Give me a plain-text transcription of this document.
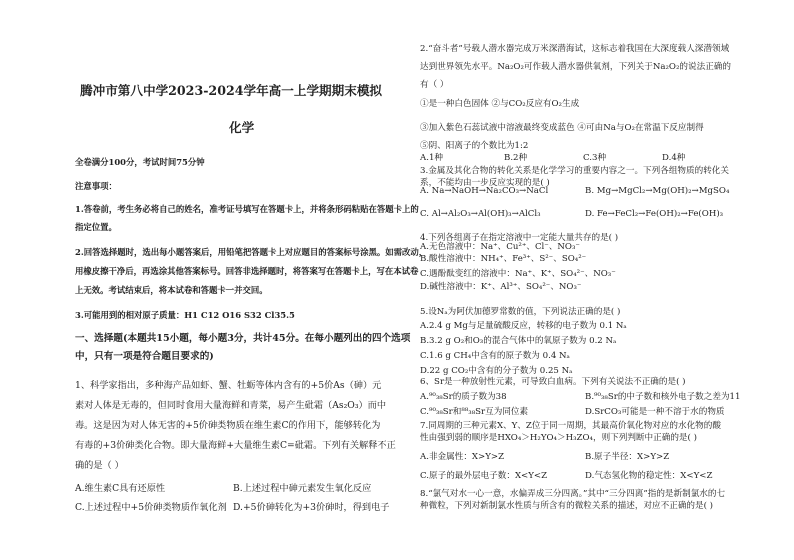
腾冲市第八中学2023-2024学年高一上学期期末模拟
化学
全卷满分100分，考试时间75分钟
注意事项：
1.答卷前，考生务必将自己的姓名，准考证号填写在答题卡上，并将条形码粘贴在答题卡上的
指定位置。
2.回答选择题时，选出每小题答案后，用铅笔把答题卡上对应题目的答案标号涂黑。如需改动，
用橡皮擦干净后，再选涂其他答案标号。回答非选择题时，将答案写在答题卡上，写在本试卷
上无效。考试结束后，将本试卷和答题卡一并交回。
3.可能用到的相对原子质量：H1 C12 O16 S32 Cl35.5
一、选择题(本题共15小题，每小题3分，共计45分。在每小题列出的四个选项
中，只有一项是符合题目要求的)
1、科学家指出，多种海产品如虾、蟹、牡蛎等体内含有的+5价As（砷）元
素对人体是无毒的，但同时食用大量海鲜和青菜，易产生砒霜（As₂O₃）而中
毒。这是因为对人体无害的+5价砷类物质在维生素C的作用下，能够转化为
有毒的+3价砷类化合物。即大量海鲜+大量维生素C=砒霜。下列有关解释不正
确的是（ ）
A.维生素C具有还原性	B.上述过程中砷元素发生氧化反应
C.上述过程中+5价砷类物质作氧化剂 D.+5价砷转化为+3价砷时，得到电子
2.“奋斗者”号载人潜水器完成万米深潜海试，这标志着我国在大深度载人深潜领域
达到世界领先水平。Na₂O₂可作载人潜水器供氧剂，下列关于Na₂O₂的说法正确的
有（ ）
①是一种白色固体 ②与CO₂反应有O₂生成
③加入紫色石蕊试液中溶液最终变成蓝色 ④可由Na与O₂在常温下反应制得
⑤阴、阳离子的个数比为1:2
A.1种	B.2种	C.3种	D.4种
3.金属及其化合物的转化关系是化学学习的重要内容之一。下列各组物质的转化关
系，不能均由一步反应实现的是( )
A. Na→NaOH→Na₂CO₃→NaCl	B. Mg→MgCl₂→Mg(OH)₂→MgSO₄
C. Al→Al₂O₃→Al(OH)₃→AlCl₃	D. Fe→FeCl₂→Fe(OH)₂→Fe(OH)₃
4.下列各组离子在指定溶液中一定能大量共存的是( )
A.无色溶液中：Na⁺、Cu²⁺、Cl⁻、NO₃⁻
B.酸性溶液中：NH₄⁺、Fe³⁺、S²⁻、SO₄²⁻
C.遇酚酞变红的溶液中：Na⁺、K⁺、SO₄²⁻、NO₃⁻
D.碱性溶液中：K⁺、Al³⁺、SO₄²⁻、NO₃⁻
5.设Nₐ为阿伏加德罗常数的值，下列说法正确的是( )
A.2.4 g Mg与足量硫酸反应，转移的电子数为 0.1 Nₐ
B.3.2 g O₂和O₃的混合气体中的氧原子数为 0.2 Nₐ
C.1.6 g CH₄中含有的原子数为 0.4 Nₐ
D.22 g CO₂中含有的分子数为 0.25 Nₐ
6、Sr是一种放射性元素，可导致白血病。下列有关说法不正确的是( )
A.⁹⁰₃₈Sr的质子数为38	B.⁹⁰₃₈Sr的中子数和核外电子数之差为11
C.⁹⁰₃₈Sr和⁸⁸₃₈Sr互为同位素	D.SrCO₃可能是一种不溶于水的物质
7.同周期的三种元素X、Y、Z位于同一周期，其最高价氧化物对应的水化物的酸
性由强到弱的顺序是HXO₄＞H₂YO₄＞H₃ZO₄，则下列判断中正确的是( )
A.非金属性：X>Y>Z	B.原子半径：X>Y>Z
C.原子的最外层电子数：X<Y<Z	D.气态氢化物的稳定性：X<Y<Z
8.“氯气对水一心一意，水偏弄成三分四离。”其中“三分四离”指的是新制氯水的七
种微粒，下列对新制氯水性质与所含有的微粒关系的描述，对应不正确的是( )
